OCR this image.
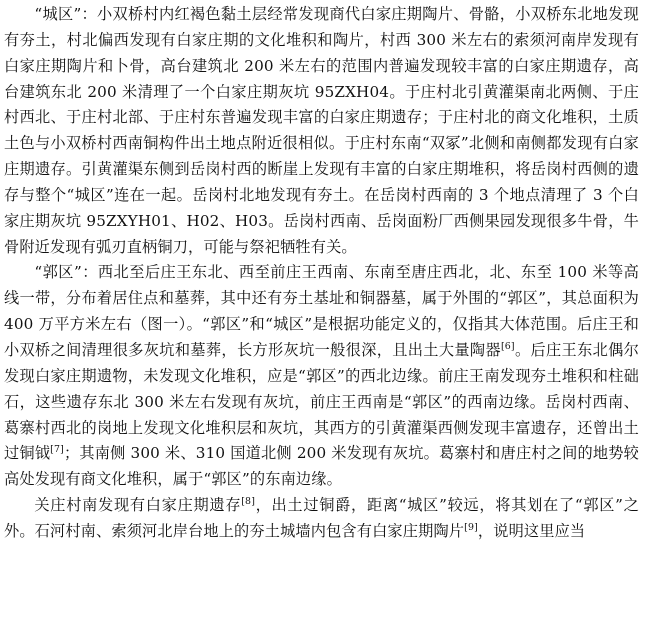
“城区”：小双桥村内红褐色黏土层经常发现商代白家庄期陶片、骨骼，小双桥东北地发现有夯土，村北偏西发现有白家庄期的文化堆积和陶片，村西 300 米左右的索须河南岸发现有白家庄期陶片和卜骨，高台建筑北 200 米左右的范围内普遍发现较丰富的白家庄期遗存，高台建筑东北 200 米清理了一个白家庄期灰坑 95ZXH04。于庄村北引黄灌渠南北两侧、于庄村西北、于庄村北部、于庄村东普遍发现丰富的白家庄期遗存；于庄村北的商文化堆积，土质土色与小双桥村西南铜构件出土地点附近很相似。于庄村东南“双冢”北侧和南侧都发现有白家庄期遗存。引黄灌渠东侧到岳岗村西的断崖上发现有丰富的白家庄期堆积，将岳岗村西侧的遗存与整个“城区”连在一起。岳岗村北地发现有夯土。在岳岗村西南的 3 个地点清理了 3 个白家庄期灰坑 95ZXYH01、H02、H03。岳岗村西南、岳岗面粉厂西侧果园发现很多牛骨，牛骨附近发现有弧刃直柄铜刀，可能与祭祀牺牲有关。

“郭区”：西北至后庄王东北、西至前庄王西南、东南至唐庄西北，北、东至 100 米等高线一带，分布着居住点和墓葬，其中还有夯土基址和铜器墓，属于外围的“郭区”，其总面积为 400 万平方米左右（图一）。“郭区”和“城区”是根据功能定义的，仅指其大体范围。后庄王和小双桥之间清理很多灰坑和墓葬，长方形灰坑一般很深，且出土大量陶器[6]。后庄王东北偶尔发现白家庄期遗物，未发现文化堆积，应是“郭区”的西北边缘。前庄王南发现夯土堆积和柱础石，这些遗存东北 300 米左右发现有灰坑，前庄王西南是“郭区”的西南边缘。岳岗村西南、葛寨村西北的岗地上发现文化堆积层和灰坑，其西方的引黄灌渠西侧发现丰富遗存，还曾出土过铜钺[7]；其南侧 300 米、310 国道北侧 200 米发现有灰坑。葛寨村和唐庄村之间的地势较高处发现有商文化堆积，属于“郭区”的东南边缘。

关庄村南发现有白家庄期遗存[8]，出土过铜爵，距离“城区”较远，将其划在了“郭区”之外。石河村南、索须河北岸台地上的夯土城墙内包含有白家庄期陶片[9]，说明这里应当
